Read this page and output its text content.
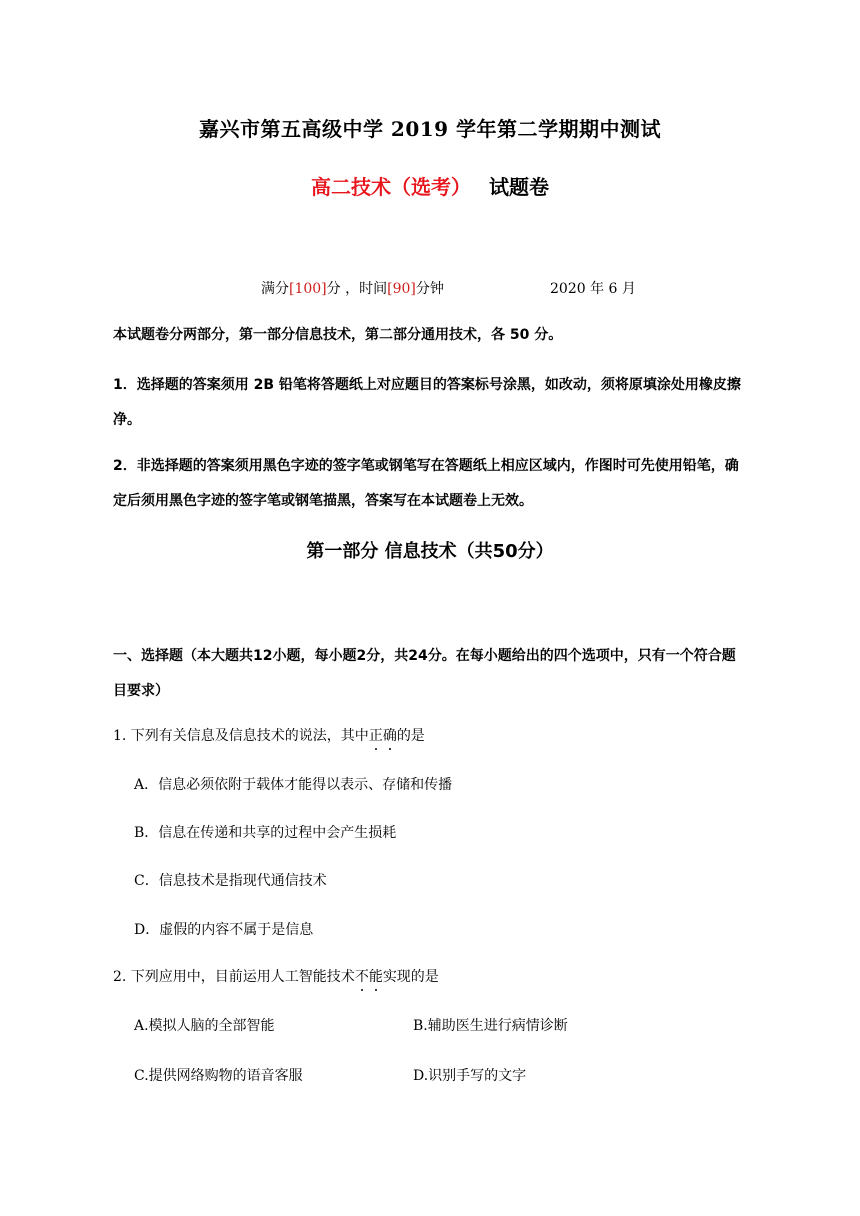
嘉兴市第五高级中学 2019 学年第二学期期中测试
高二技术（选考） 试题卷
满分[100]分 ，时间[90]分钟	2020 年 6 月
本试题卷分两部分，第一部分信息技术，第二部分通用技术，各 50 分。
1．选择题的答案须用 2B 铅笔将答题纸上对应题目的答案标号涂黑，如改动，须将原填涂处用橡皮擦净。
2．非选择题的答案须用黑色字迹的签字笔或钢笔写在答题纸上相应区域内，作图时可先使用铅笔，确定后须用黑色字迹的签字笔或钢笔描黑，答案写在本试题卷上无效。
第一部分 信息技术（共50分）
一、选择题（本大题共12小题，每小题2分，共24分。在每小题给出的四个选项中，只有一个符合题目要求）
1. 下列有关信息及信息技术的说法，其中正确的是
A．信息必须依附于载体才能得以表示、存储和传播
B．信息在传递和共享的过程中会产生损耗
C．信息技术是指现代通信技术
D．虚假的内容不属于是信息
2. 下列应用中，目前运用人工智能技术不能实现的是
A.模拟人脑的全部智能	B.辅助医生进行病情诊断
C.提供网络购物的语音客服	D.识别手写的文字
